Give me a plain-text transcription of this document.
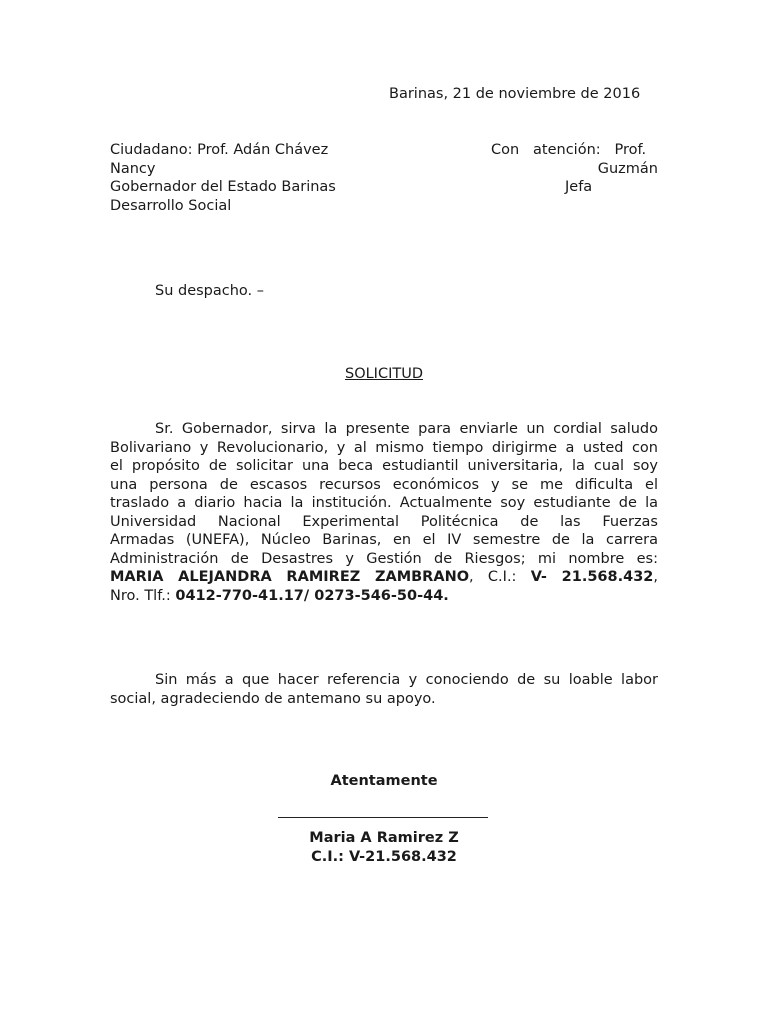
Barinas, 21 de noviembre de 2016
Ciudadano: Prof. Adán Chávez
Nancy
Gobernador del Estado Barinas
Desarrollo Social
Con   atención:   Prof.
Guzmán
Jefa
Su despacho. –
SOLICITUD
Sr. Gobernador, sirva la presente para enviarle un cordial saludo
Bolivariano y Revolucionario, y al mismo tiempo dirigirme a usted con
el propósito de solicitar una beca estudiantil universitaria, la cual soy
una persona de escasos recursos económicos y se me dificulta el
traslado a diario hacia la institución. Actualmente soy estudiante de la
Universidad Nacional Experimental Politécnica de las Fuerzas
Armadas (UNEFA), Núcleo Barinas, en el IV semestre de la carrera
Administración de Desastres y Gestión de Riesgos; mi nombre es:
MARIA ALEJANDRA RAMIREZ ZAMBRANO, C.I.: V- 21.568.432,
Nro. Tlf.: 0412-770-41.17/ 0273-546-50-44.
Sin más a que hacer referencia y conociendo de su loable labor
social, agradeciendo de antemano su apoyo.
Atentamente
Maria A Ramirez Z
C.I.: V-21.568.432
